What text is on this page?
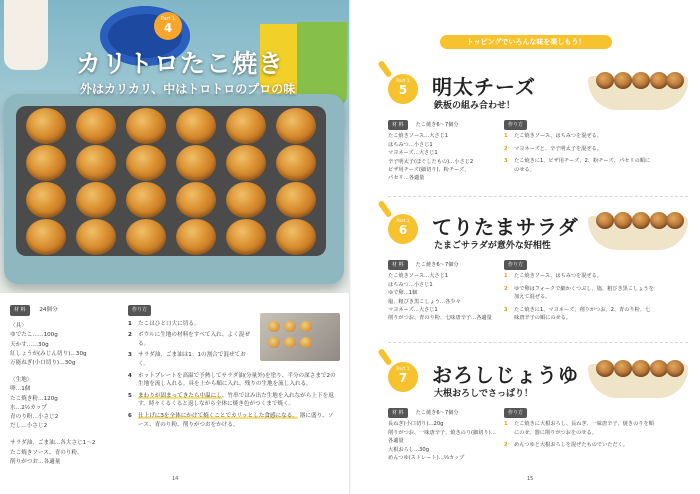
Part 1
4
カリトロたこ焼き
外はカリカリ、中はトロトロのプロの味
材 料 24個分
〈具〉
ゆでたこ……100g
天かす……30g
紅しょうが(みじん切り)…30g
万能ねぎ(小口切り)…30g
〈生地〉
卵…1個
たこ焼き粉…120g
水…2½カップ
青のり粉…小さじ2
だし…小さじ2
サラダ油、ごま油…各大さじ1～2
たこ焼きソース、青のり粉、
削りがつお…各適量
作り方
1	たこはひと口大に切る。
2	ボウルに生地の材料をすべて入れ、よく混ぜる。
3	サラダ油、ごま油は1：1の割合で混ぜておく。
4	ホットプレートを高温で予熱してサラダ油(分量外)を塗り、半分の深さまで2の生地を流し入れる。具を上から順に入れ、残りの生地を流し入れる。
5	まわりが固まってきたら中温にし、竹串ではみ出た生地を入れながら上下を返す。時々くるくると返しながら全体に焼き色がつくまで焼く。
6	仕上げに3を全体にかけて焼くことでカリッとした食感になる。 器に盛り、ソース、青のり粉、削りがつおをかける。
14
トッピングでいろんな味を楽しもう！
Part 1
5	明太チーズ
鉄板の組み合わせ！
材 料 たこ焼き6～7個分
たこ焼きソース…大さじ1
はちみつ…小さじ1
マヨネーズ…大さじ1
辛子明太子(ほぐしたもの)…小さじ2
ピザ用チーズ(細切り)、粉チーズ、
パセリ…各適量
作り方
1	たこ焼きソース、はちみつを混ぜる。
2	マヨネーズと、辛子明太子を混ぜる。
3	たこ焼きに1、ピザ用チーズ、2、粉チーズ、パセリの順にのせる。
Part 1
6	てりたまサラダ
たまごサラダが意外な好相性
材 料 たこ焼き6～7個分
たこ焼きソース…大さじ1
はちみつ…小さじ1
ゆで卵…1個
塩、粗びき黒こしょう…各少々
マヨネーズ…大さじ1
削りがつお、青のり粉、七味唐辛子…各適量
作り方
1	たこ焼きソース、はちみつを混ぜる。
2	ゆで卵はフォークで細かくつぶし、塩、粗びき黒こしょうを加えて混ぜる。
3	たこ焼きに1、マヨネーズ、削りがつお、2、青のり粉、七味唐辛子の順にのせる。
Part 1
7	おろしじょうゆ
大根おろしでさっぱり！
材 料 たこ焼き6～7個分
長ねぎ(小口切り)…20g
削りがつお、一味唐辛子、焼きのり(細切り)…各適量
大根おろし…30g
めんつゆ(ストレート)…⅓カップ
作り方
1	たこ焼きに大根おろし、長ねぎ、一味唐辛子、焼きのりを順にのせ、器に削りがつおをのせる。
2	めんつゆと大根おろしを混ぜたものでいただく。
15
